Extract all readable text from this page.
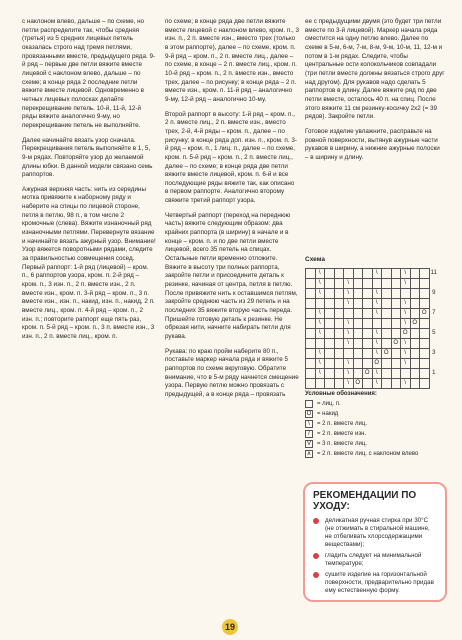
с наклоном влево, дальше – по схеме, но петли распределите так, чтобы средняя (третья) из 5 средних лицевых петель оказалась строго над тремя петлями, провязанными вместе, предыдущего ряда. 9-й ряд – первые две петли вяжите вместе лицевой с наклоном влево, дальше – по схеме; в конце ряда 2 последние петли вяжите вместе лицевой. Одновременно в четных лицевых полосках делайте перекрещивание петель. 10-й, 11-й, 12-й ряды вяжите аналогично 9-му, но перекрещивание петель не выполняйте.

Далее начинайте вязать узор сначала. Перекрещивания петель выполняйте в 1, 5, 9-м рядах. Повторяйте узор до желаемой длины юбки. В данной модели связано семь раппортов.

Ажурная верхняя часть: нить из середины мотка привяжите к наборному ряду и наберите на спицы по лицевой стороне, петля в петлю, 98 п., в том числе 2 кромочные (слева). Вяжите изнаночный ряд изнаночными петлями. Перевернуте вязание и начинайте вязать ажурный узор. Внимание! Узор вяжется поворотными рядами, следите за правильностью совмещения сосед. Первый раппорт: 1-й ряд (лицевой) – кром. п., 6 раппортов узора, кром. п. 2-й ряд – кром. п., 3 изн. п., 2 п. вместе изн., 2 п. вместе изн., кром. п. 3-й ряд – кром. п., 3 п. вместе изн., изн. п., накид, изн. п., накид, 2 п. вместе лиц., кром. п. 4-й ряд – кром. п., 2 изн. п.; повторите раппорт еще пять раз, кром. п. 5-й ряд – кром. п., 3 п. вместе изн., 3 изн. п., 2 п. вместе лиц., кром. п.

по схеме; в конце ряда две петли вяжите вместе лицевой с наклоном влево, кром. п., 3 изн. п., 2 п. вместе изн., вместо трех (только в этом раппорте), далее – по схеме, кром. п. 9-й ряд – кром. п., 2 п. вместе лиц., далее – по схеме, в конце – 2 п. вместе лиц., кром. п. 10-й ряд – кром. п., 2 п. вместе изн., вместо трех, далее – по рисунку; в конце ряда – 2 п. вместе изн., кром. п. 11-й ряд – аналогично 9-му, 12-й ряд – аналогично 10-му.

Второй раппорт в высоту: 1-й ряд – кром. п., 2 п. вместе лиц., 2 п. вместе изн., вместо трех, 2-й, 4-й ряды – кром. п., далее – по рисунку; в конце ряда доп. изн. п., кром. п. 3-й ряд – кром. п., 1 лиц. п., далее – по схеме, кром. п. 5-й ряд – кром. п., 2 п. вместе лиц., далее – по схеме; в конце ряда две петли вяжите вместе лицевой, кром. п. 6-й и все последующие ряды вяжите так, как описано в первом раппорте. Аналогично второму свяжите третий раппорт узора.

Четвертый раппорт (переход на переднюю часть) вяжите следующим образом: два крайних раппорта (в ширину) в начале и в конце – кром. п. и по две петли вместе лицевой, всего 35 петель на спицах. Остальные петли временно отложите. Вяжите в высоту три полных раппорта, закройте петли и присоедините деталь к резинке, начиная от центра, петля в петлю. После привяжите нить к оставшимся петлям, закройте среднюю часть из 29 петель и на последних 35 вяжите вторую часть переда. Пришейте готовую деталь к резинке. Не обрезая нити, начните набирать петли для рукава.

Рукава: по краю пройм наберите 80 п., поставьте маркер начала ряда и вяжите 5 раппортов по схеме вкруговую. Обратите внимание, что в 5-м ряду начнется смещение узора. Первую петлю можно провязать с предыдущей, а в конце ряда – провязать

ее с предыдущими двумя (это будет три петли вместе по 3-й лицевой). Маркер начала ряда сместится на одну петлю влево. Далее по схеме в 5-м, 6-м, 7-м, 8-м, 9-м, 10-м, 11, 12-м и потом в 1-м рядах. Следите, чтобы центральные ости колокольчиков совпадали (три петли вместе должны вязаться строго друг над другом). Для рукавов надо сделать 5 раппортов в длину. Далее вяжите ряд по две петли вместе, осталось 40 п. на спиц. После этого вяжите 11 см резинку-косичку 2х2 (= 39 рядов). Закройте петли.

Готовое изделие увлажните, расправьте на ровной поверхности, вытянув ажурные части рукавов в ширину, а нижние ажурные полоски – в ширину и длину.

Схема
	\						\			\			11
	\			\						\			
	\			\			\						9
				\			\			\			
	\						\			\		O	7
	\			\						\	O		
	\			\			\			O			5
				\			\		O	\			
	\						\	O		\			3
	\			\			O			\			
	\			\		O	\						1
				\	O		\			\			
Условные обозначения:
= лиц. п.
O = накид
\	= 2 п. вместе лиц.
/	= 2 п. вместе изн.
V	= 3 п. вместе лиц.
∧ = 2 п. вместе лиц. с наклоном влево
РЕКОМЕНДАЦИИ ПО УХОДУ:
деликатная ручная стирка при 30°С (не отжимать в стиральной машине, не отбеливать хлорсодержащими веществами);
гладить следует на минимальной температуре;
сушите изделие на горизонтальной поверхности, предварительно придав ему естественную форму.
19
